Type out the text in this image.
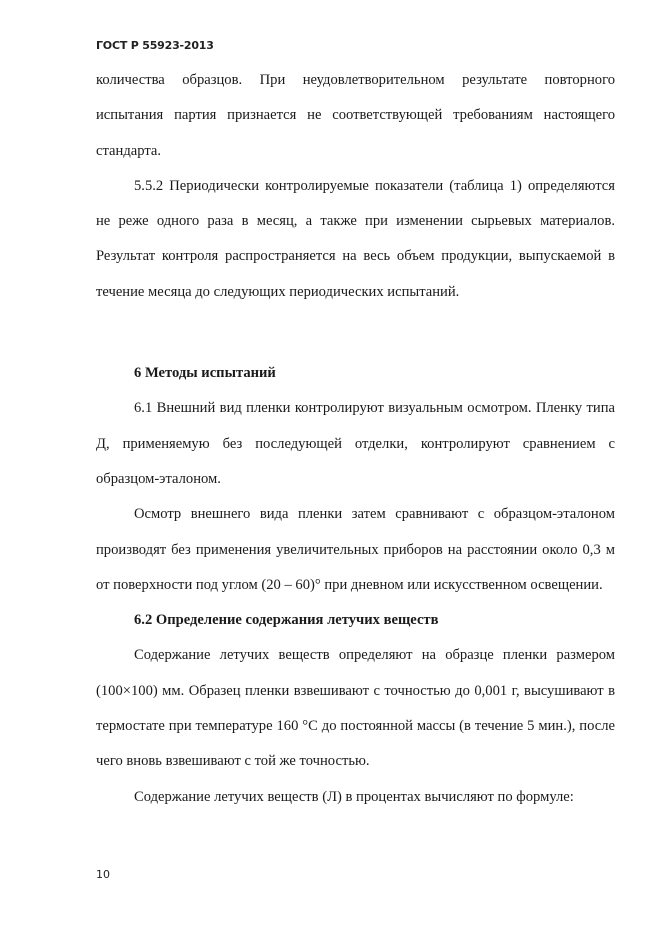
ГОСТ Р 55923-2013

количества образцов. При неудовлетворительном результате повторного испытания партия признается не соответствующей требованиям настоящего стандарта.

5.5.2 Периодически контролируемые показатели (таблица 1) определяются не реже одного раза в месяц, а также при изменении сырьевых материалов. Результат контроля распространяется на весь объем продукции, выпускаемой в течение месяца до следующих периодических испытаний.

6 Методы испытаний

6.1 Внешний вид пленки контролируют визуальным осмотром. Пленку типа Д, применяемую без последующей отделки, контролируют сравнением с образцом-эталоном.

Осмотр внешнего вида пленки затем сравнивают с образцом-эталоном производят без применения увеличительных приборов на расстоянии около 0,3 м от поверхности под углом (20 – 60)° при дневном или искусственном освещении.

6.2 Определение содержания летучих веществ

Содержание летучих веществ определяют на образце пленки размером (100×100) мм. Образец пленки взвешивают с точностью до 0,001 г, высушивают в термостате при температуре 160 °С до постоянной массы (в течение 5 мин.), после чего вновь взвешивают с той же точностью.

Содержание летучих веществ (Л) в процентах вычисляют по формуле:

10
